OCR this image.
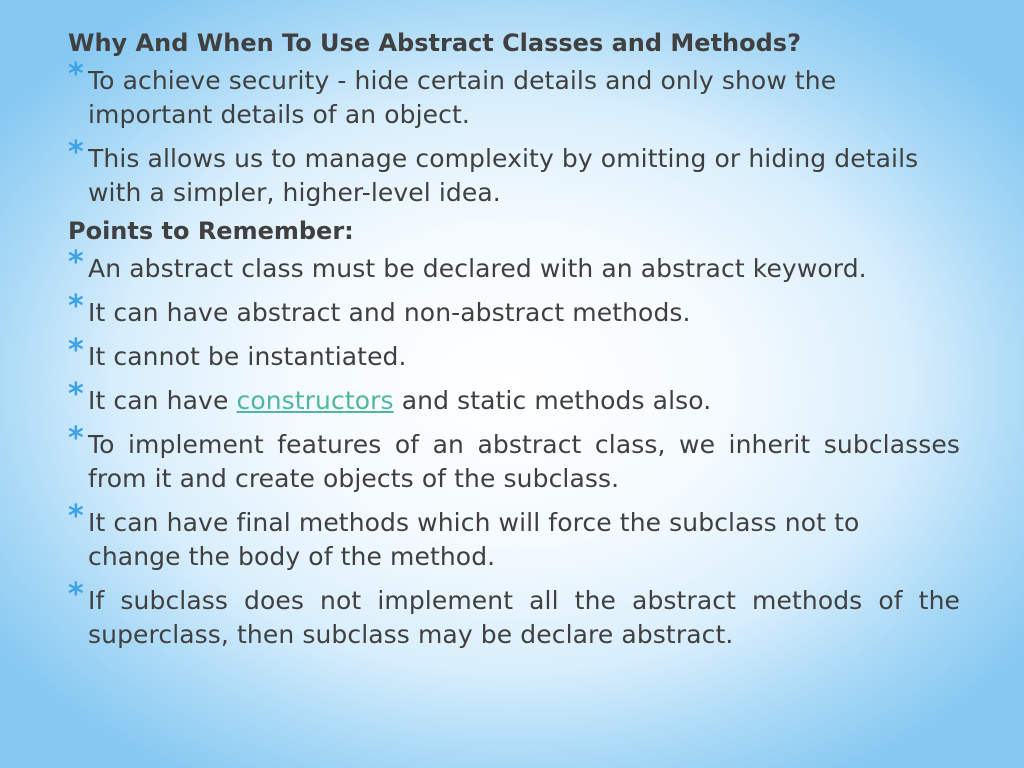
Why And When To Use Abstract Classes and Methods?
* To achieve security - hide certain details and only show the important details of an object.
* This allows us to manage complexity by omitting or hiding details with a simpler, higher-level idea.
Points to Remember:
* An abstract class must be declared with an abstract keyword.
* It can have abstract and non-abstract methods.
* It cannot be instantiated.
* It can have constructors and static methods also.
* To implement features of an abstract class, we inherit subclasses from it and create objects of the subclass.
* It can have final methods which will force the subclass not to change the body of the method.
* If subclass does not implement all the abstract methods of the superclass, then subclass may be declare abstract.
